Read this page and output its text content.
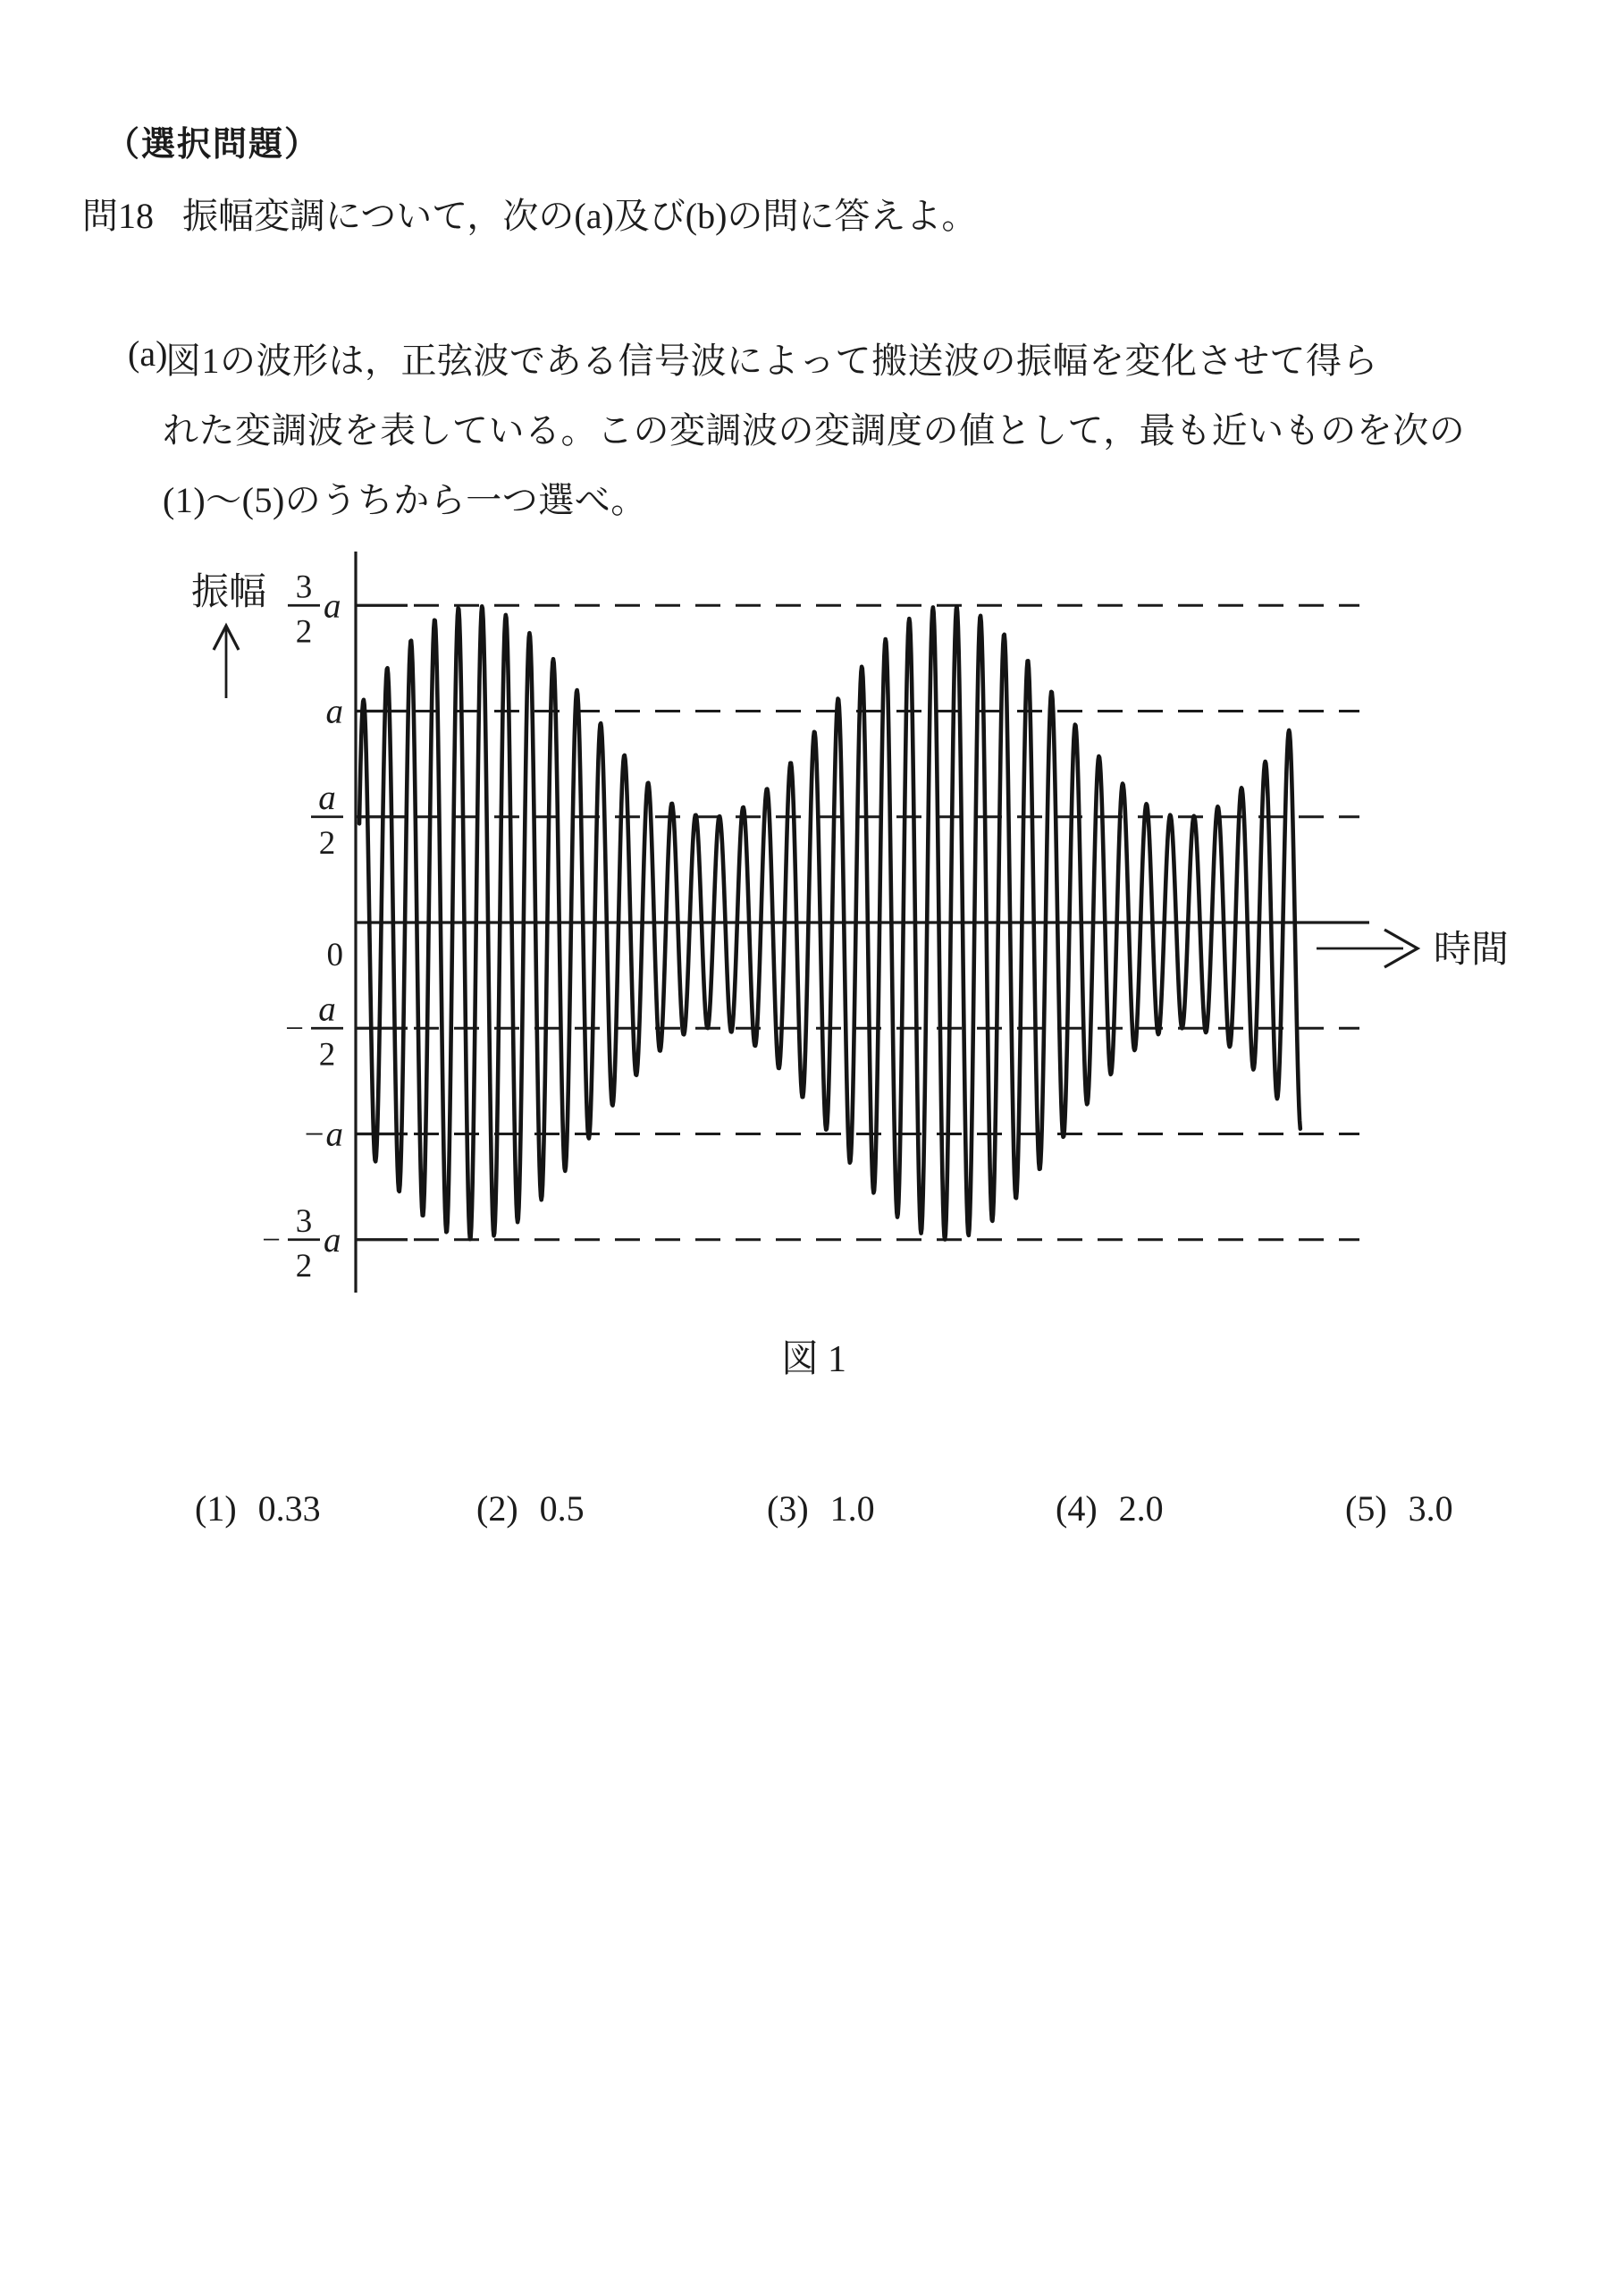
（選択問題）
問18 振幅変調について，次の(a)及び(b)の問に答えよ。
(a)
図1の波形は，正弦波である信号波によって搬送波の振幅を変化させて得ら
れた変調波を表している。この変調波の変調度の値として，最も近いものを次の
(1)～(5)のうちから一つ選べ。
3
2
a
a
a
2
0
a
2
−
−a
3
2
a
−
時間
振幅
図1
(1) 0.33	(2) 0.5	(3) 1.0	(4) 2.0	(5) 3.0
